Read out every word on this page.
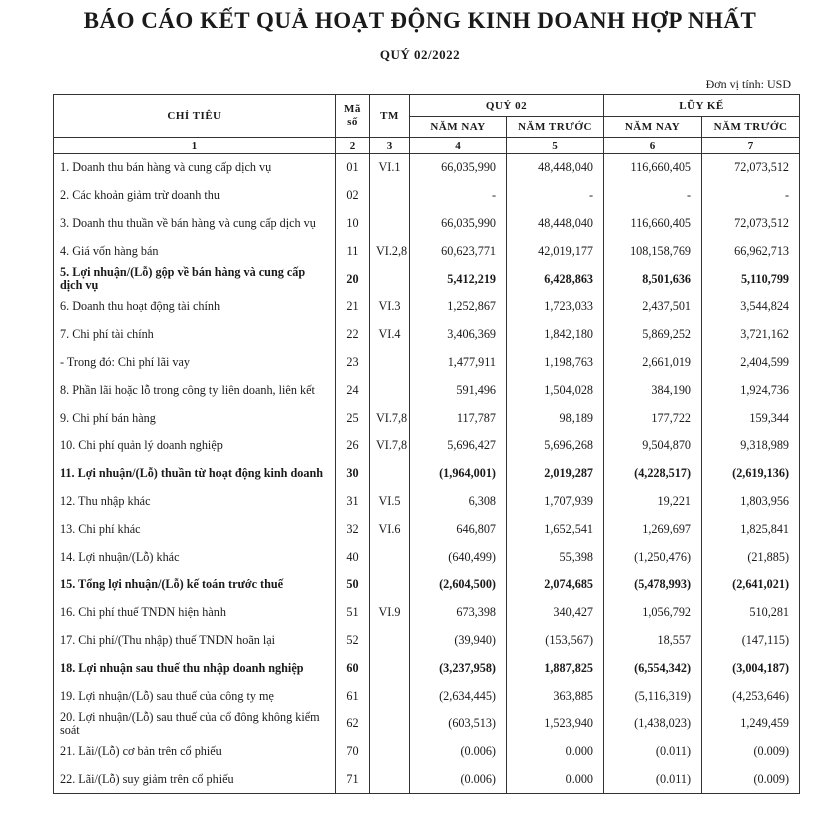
BÁO CÁO KẾT QUẢ HOẠT ĐỘNG KINH DOANH HỢP NHẤT
QUÝ 02/2022
Đơn vị tính: USD
CHỈ TIÊU	Mã số	TM	QUÝ 02		LŨY KẾ	
			NĂM NAY	NĂM TRƯỚC	NĂM NAY	NĂM TRƯỚC
1	2	3	4	5	6	7
1. Doanh thu bán hàng và cung cấp dịch vụ	01	VI.1	66,035,990	48,448,040	116,660,405	72,073,512
2. Các khoản giảm trừ doanh thu	02		-	-	-	-
3. Doanh thu thuần về bán hàng và cung cấp dịch vụ	10		66,035,990	48,448,040	116,660,405	72,073,512
4. Giá vốn hàng bán	11	VI.2,8	60,623,771	42,019,177	108,158,769	66,962,713
5. Lợi nhuận/(Lỗ) gộp về bán hàng và cung cấp dịch vụ	20		5,412,219	6,428,863	8,501,636	5,110,799
6. Doanh thu hoạt động tài chính	21	VI.3	1,252,867	1,723,033	2,437,501	3,544,824
7. Chi phí tài chính	22	VI.4	3,406,369	1,842,180	5,869,252	3,721,162
- Trong đó: Chi phí lãi vay	23		1,477,911	1,198,763	2,661,019	2,404,599
8. Phần lãi hoặc lỗ trong công ty liên doanh, liên kết	24		591,496	1,504,028	384,190	1,924,736
9. Chi phí bán hàng	25	VI.7,8	117,787	98,189	177,722	159,344
10. Chi phí quản lý doanh nghiệp	26	VI.7,8	5,696,427	5,696,268	9,504,870	9,318,989
11. Lợi nhuận/(Lỗ) thuần từ hoạt động kinh doanh	30		(1,964,001)	2,019,287	(4,228,517)	(2,619,136)
12. Thu nhập khác	31	VI.5	6,308	1,707,939	19,221	1,803,956
13. Chi phí khác	32	VI.6	646,807	1,652,541	1,269,697	1,825,841
14. Lợi nhuận/(Lỗ) khác	40		(640,499)	55,398	(1,250,476)	(21,885)
15. Tổng lợi nhuận/(Lỗ) kế toán trước thuế	50		(2,604,500)	2,074,685	(5,478,993)	(2,641,021)
16. Chi phí thuế TNDN hiện hành	51	VI.9	673,398	340,427	1,056,792	510,281
17. Chi phí/(Thu nhập) thuế TNDN hoãn lại	52		(39,940)	(153,567)	18,557	(147,115)
18. Lợi nhuận sau thuế thu nhập doanh nghiệp	60		(3,237,958)	1,887,825	(6,554,342)	(3,004,187)
19. Lợi nhuận/(Lỗ) sau thuế của công ty mẹ	61		(2,634,445)	363,885	(5,116,319)	(4,253,646)
20. Lợi nhuận/(Lỗ) sau thuế của cổ đông không kiểm soát	62		(603,513)	1,523,940	(1,438,023)	1,249,459
21. Lãi/(Lỗ) cơ bản trên cổ phiếu	70		(0.006)	0.000	(0.011)	(0.009)
22. Lãi/(Lỗ) suy giảm trên cổ phiếu	71		(0.006)	0.000	(0.011)	(0.009)
